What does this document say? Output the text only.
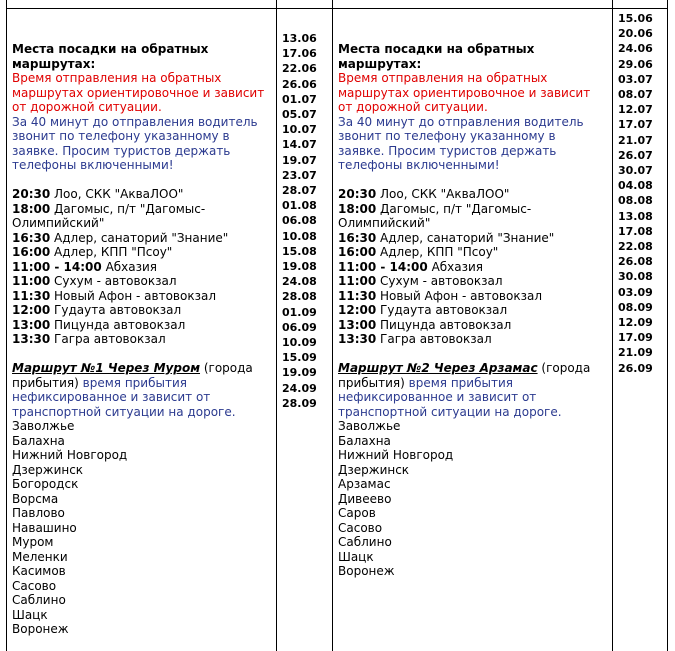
Места посадки на обратных маршрутах:
Время отправления на обратных маршрутах ориентировочное и зависит от дорожной ситуации.
За 40 минут до отправления водитель звонит по телефону указанному в заявке. Просим туристов держать телефоны включенными!
20:30 Лоо, СКК "АкваЛОО"
18:00 Дагомыс, п/т "Дагомыс-Олимпийский"
16:30 Адлер, санаторий "Знание"
16:00 Адлер, КПП "Псоу"
11:00 - 14:00 Абхазия
11:00 Сухум - автовокзал
11:30 Новый Афон - автовокзал
12:00 Гудаута автовокзал
13:00 Пицунда автовокзал
13:30 Гагра автовокзал
Маршрут №1 Через Муром (города прибытия) время прибытия нефиксированное и зависит от транспортной ситуации на дороге.
Заволжье
Балахна
Нижний Новгород
Дзержинск
Богородск
Ворсма
Павлово
Навашино
Муром
Меленки
Касимов
Сасово
Саблино
Шацк
Воронеж
13.06
17.06
22.06
26.06
01.07
05.07
10.07
14.07
19.07
23.07
28.07
01.08
06.08
10.08
15.08
19.08
24.08
28.08
01.09
06.09
10.09
15.09
19.09
24.09
28.09
Места посадки на обратных маршрутах:
Время отправления на обратных маршрутах ориентировочное и зависит от дорожной ситуации.
За 40 минут до отправления водитель звонит по телефону указанному в заявке. Просим туристов держать телефоны включенными!
20:30 Лоо, СКК "АкваЛОО"
18:00 Дагомыс, п/т "Дагомыс-Олимпийский"
16:30 Адлер, санаторий "Знание"
16:00 Адлер, КПП "Псоу"
11:00 - 14:00 Абхазия
11:00 Сухум - автовокзал
11:30 Новый Афон - автовокзал
12:00 Гудаута автовокзал
13:00 Пицунда автовокзал
13:30 Гагра автовокзал
Маршрут №2 Через Арзамас (города прибытия) время прибытия нефиксированное и зависит от транспортной ситуации на дороге.
Заволжье
Балахна
Нижний Новгород
Дзержинск
Арзамас
Дивеево
Саров
Сасово
Саблино
Шацк
Воронеж
15.06
20.06
24.06
29.06
03.07
08.07
12.07
17.07
21.07
26.07
30.07
04.08
08.08
13.08
17.08
22.08
26.08
30.08
03.09
08.09
12.09
17.09
21.09
26.09
